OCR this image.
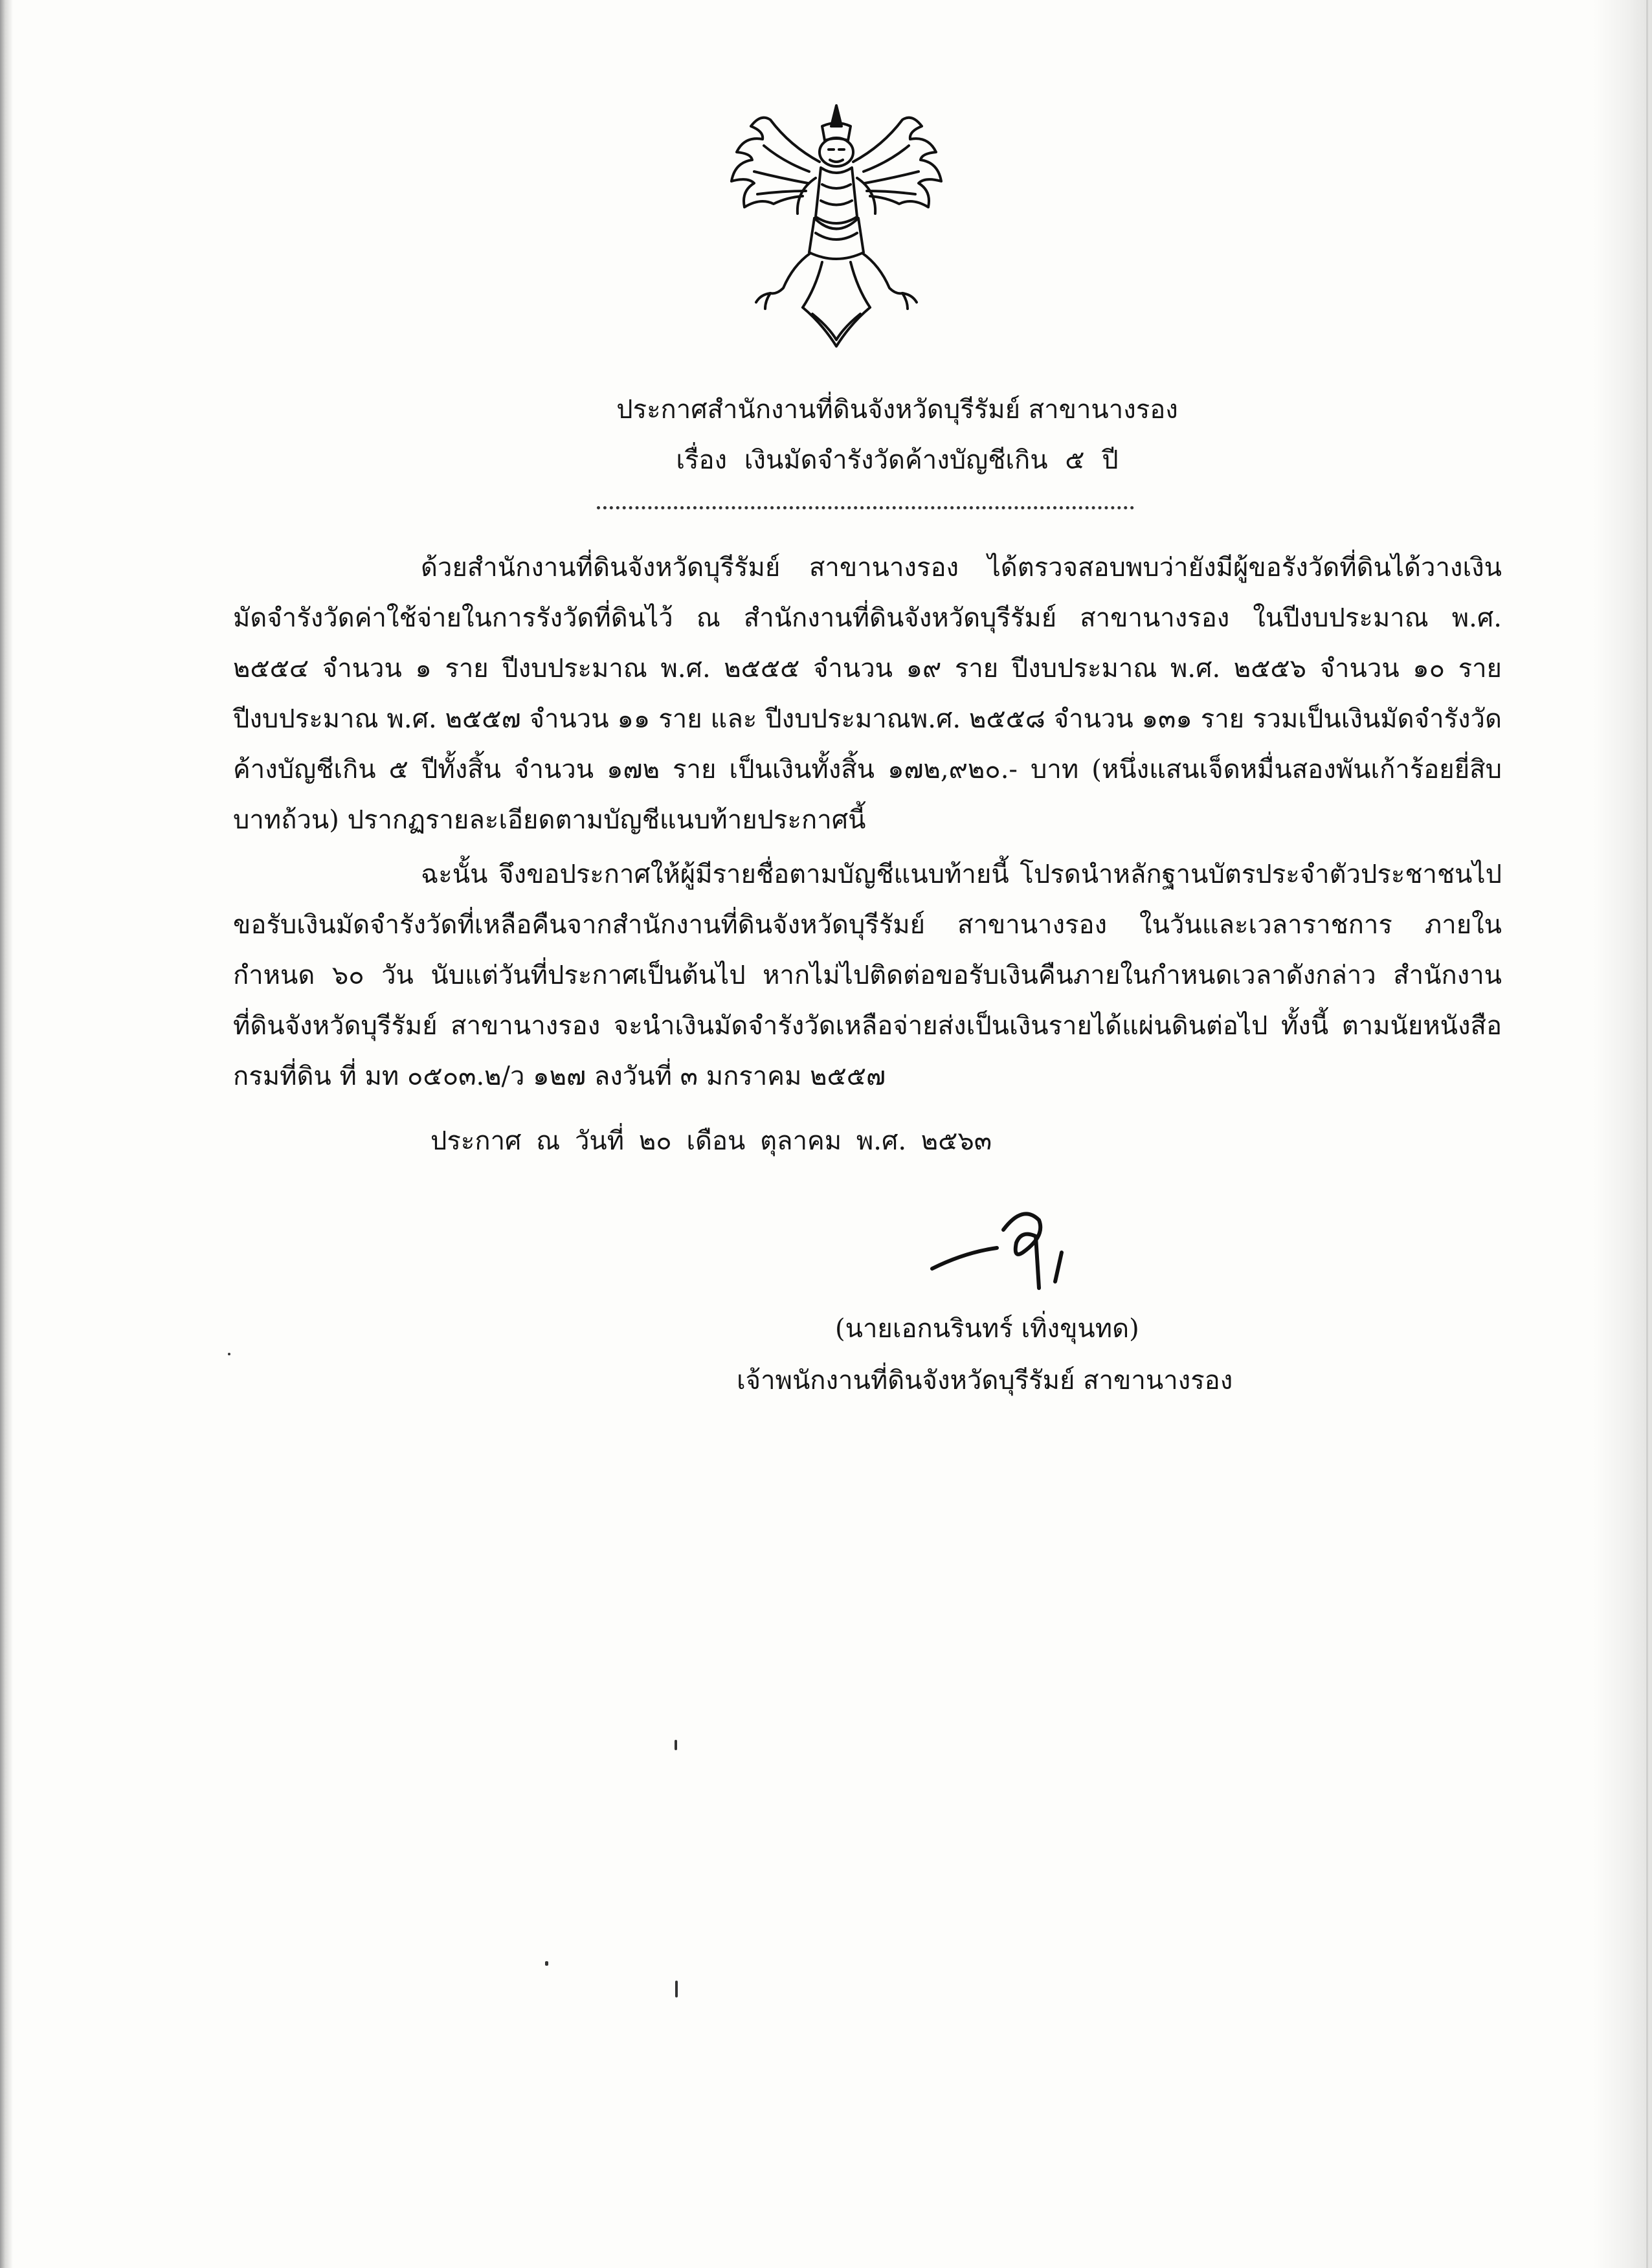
ประกาศสำนักงานที่ดินจังหวัดบุรีรัมย์ สาขานางรอง
เรื่อง เงินมัดจำรังวัดค้างบัญชีเกิน ๕ ปี
ด้วยสำนักงานที่ดินจังหวัดบุรีรัมย์ สาขานางรอง ได้ตรวจสอบพบว่ายังมีผู้ขอรังวัดที่ดินได้วางเงินมัดจำรังวัดค่าใช้จ่ายในการรังวัดที่ดินไว้ ณ สำนักงานที่ดินจังหวัดบุรีรัมย์ สาขานางรอง ในปีงบประมาณ พ.ศ. ๒๕๕๔ จำนวน ๑ ราย ปีงบประมาณ พ.ศ. ๒๕๕๕ จำนวน ๑๙ ราย ปีงบประมาณ พ.ศ. ๒๕๕๖ จำนวน ๑๐ ราย ปีงบประมาณ พ.ศ. ๒๕๕๗ จำนวน ๑๑ ราย และ ปีงบประมาณพ.ศ. ๒๕๕๘ จำนวน ๑๓๑ ราย รวมเป็นเงินมัดจำรังวัดค้างบัญชีเกิน ๕ ปีทั้งสิ้น จำนวน ๑๗๒ ราย เป็นเงินทั้งสิ้น ๑๗๒,๙๒๐.- บาท (หนึ่งแสนเจ็ดหมื่นสองพันเก้าร้อยยี่สิบบาทถ้วน) ปรากฏรายละเอียดตามบัญชีแนบท้ายประกาศนี้
ฉะนั้น จึงขอประกาศให้ผู้มีรายชื่อตามบัญชีแนบท้ายนี้ โปรดนำหลักฐานบัตรประจำตัวประชาชนไปขอรับเงินมัดจำรังวัดที่เหลือคืนจากสำนักงานที่ดินจังหวัดบุรีรัมย์ สาขานางรอง ในวันและเวลาราชการ ภายในกำหนด ๖๐ วัน นับแต่วันที่ประกาศเป็นต้นไป หากไม่ไปติดต่อขอรับเงินคืนภายในกำหนดเวลาดังกล่าว สำนักงานที่ดินจังหวัดบุรีรัมย์ สาขานางรอง จะนำเงินมัดจำรังวัดเหลือจ่ายส่งเป็นเงินรายได้แผ่นดินต่อไป ทั้งนี้ ตามนัยหนังสือกรมที่ดิน ที่ มท ๐๕๐๓.๒/ว ๑๒๗ ลงวันที่ ๓ มกราคม ๒๕๕๗
ประกาศ ณ วันที่ ๒๐ เดือน ตุลาคม พ.ศ. ๒๕๖๓
(นายเอกนรินทร์ เทิ่งขุนทด)
เจ้าพนักงานที่ดินจังหวัดบุรีรัมย์ สาขานางรอง
